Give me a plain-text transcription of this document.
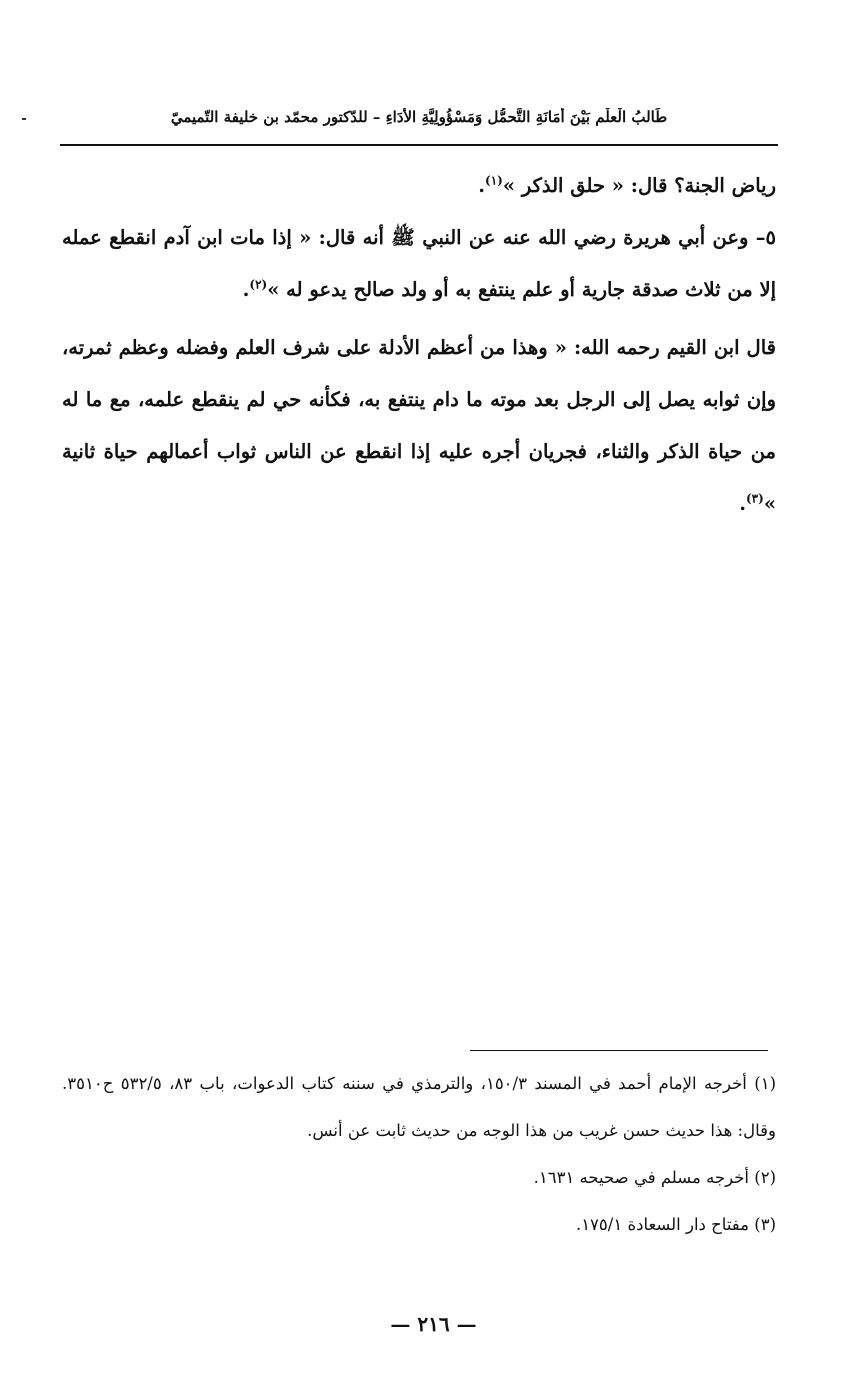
طَالبُ الْعلْمِ بَيْنَ أَمَانَةِ التَّحمُّل وَمَسْؤُولِيَّةِ الأَدَاءِ – للدّكتور محمّد بن خليفة التّميميّ

رياض الجنة؟ قال: « حلق الذكر »$^{(١)}$.

٥– وعن أبي هريرة رضي الله عنه عن النبي ﷺ أنه قال: « إذا مات ابن آدم انقطع عمله إلا من ثلاث صدقة جارية أو علم ينتفع به أو ولد صالح يدعو له »$^{(٢)}$.

قال ابن القيم رحمه الله: « وهذا من أعظم الأدلة على شرف العلم وفضله وعظم ثمرته، وإن ثوابه يصل إلى الرجل بعد موته ما دام ينتفع به، فكأنه حي لم ينقطع علمه، مع ما له من حياة الذكر والثناء، فجريان أجره عليه إذا انقطع عن الناس ثواب أعمالهم حياة ثانية »$^{(٣)}$.

(١) أخرجه الإمام أحمد في المسند ١٥٠/٣، والترمذي في سننه كتاب الدعوات، باب ٨٣، ٥٣٢/٥ ح٣٥١٠. وقال: هذا حديث حسن غريب من هذا الوجه من حديث ثابت عن أنس.

(٢) أخرجه مسلم في صحيحه ١٦٣١.

(٣) مفتاح دار السعادة ١٧٥/١.

— ٢١٦ —
